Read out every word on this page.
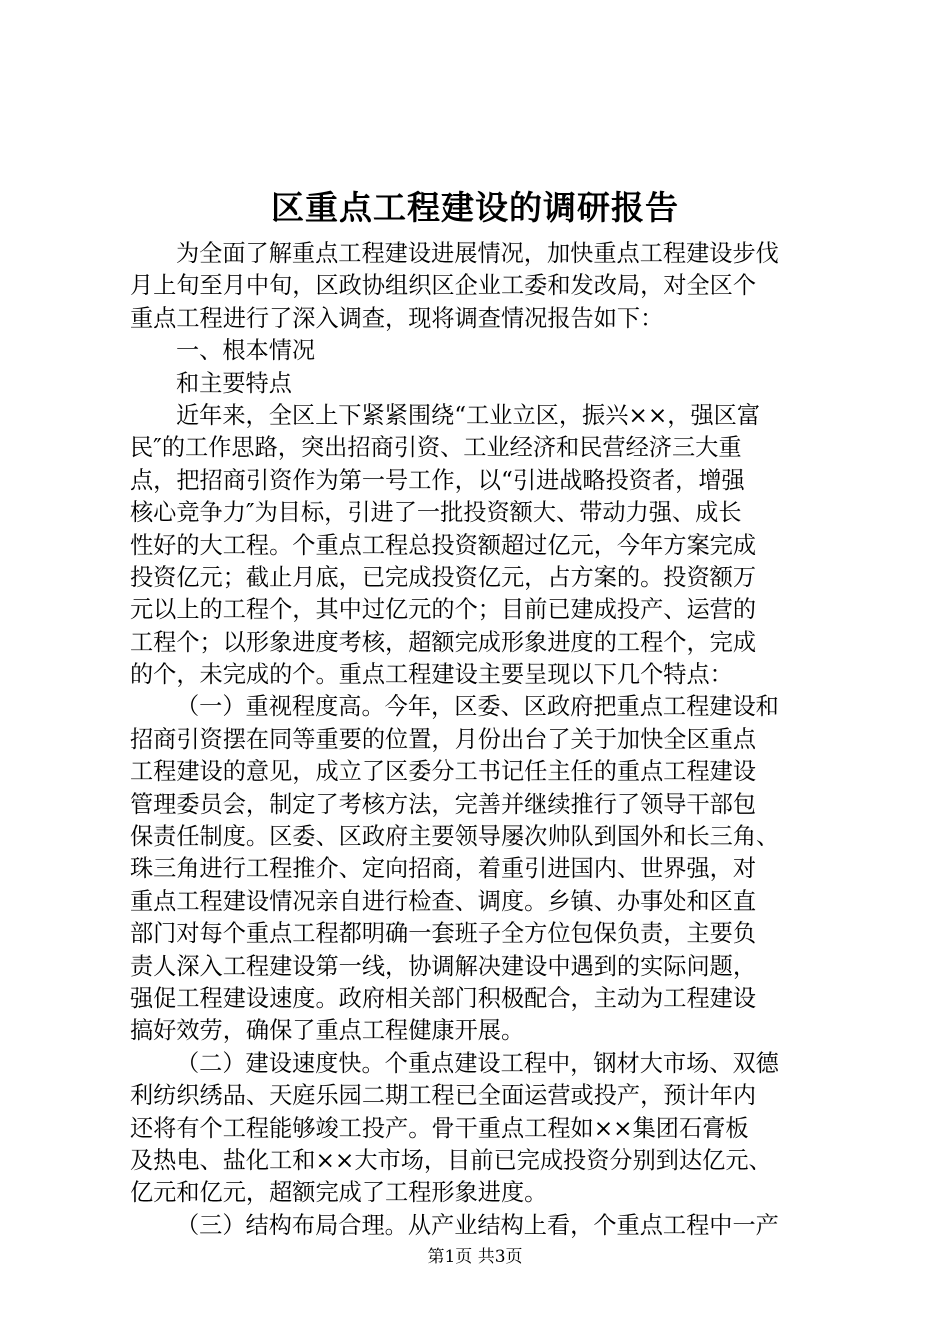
区重点工程建设的调研报告
为全面了解重点工程建设进展情况，加快重点工程建设步伐
月上旬至月中旬，区政协组织区企业工委和发改局，对全区个
重点工程进行了深入调查，现将调查情况报告如下：
一、根本情况
和主要特点
近年来，全区上下紧紧围绕“工业立区，振兴××，强区富
民″的工作思路，突出招商引资、工业经济和民营经济三大重
点，把招商引资作为第一号工作，以“引进战略投资者，增强
核心竞争力″为目标，引进了一批投资额大、带动力强、成长
性好的大工程。个重点工程总投资额超过亿元，今年方案完成
投资亿元；截止月底，已完成投资亿元，占方案的。投资额万
元以上的工程个，其中过亿元的个；目前已建成投产、运营的
工程个；以形象进度考核，超额完成形象进度的工程个，完成
的个，未完成的个。重点工程建设主要呈现以下几个特点：
（一）重视程度高。今年，区委、区政府把重点工程建设和
招商引资摆在同等重要的位置，月份出台了关于加快全区重点
工程建设的意见，成立了区委分工书记任主任的重点工程建设
管理委员会，制定了考核方法，完善并继续推行了领导干部包
保责任制度。区委、区政府主要领导屡次帅队到国外和长三角、
珠三角进行工程推介、定向招商，着重引进国内、世界强，对
重点工程建设情况亲自进行检查、调度。乡镇、办事处和区直
部门对每个重点工程都明确一套班子全方位包保负责，主要负
责人深入工程建设第一线，协调解决建设中遇到的实际问题，
强促工程建设速度。政府相关部门积极配合，主动为工程建设
搞好效劳，确保了重点工程健康开展。
（二）建设速度快。个重点建设工程中，钢材大市场、双德
利纺织绣品、天庭乐园二期工程已全面运营或投产，预计年内
还将有个工程能够竣工投产。骨干重点工程如××集团石膏板
及热电、盐化工和××大市场，目前已完成投资分别到达亿元、
亿元和亿元，超额完成了工程形象进度。
（三）结构布局合理。从产业结构上看，个重点工程中一产
第1页 共3页
